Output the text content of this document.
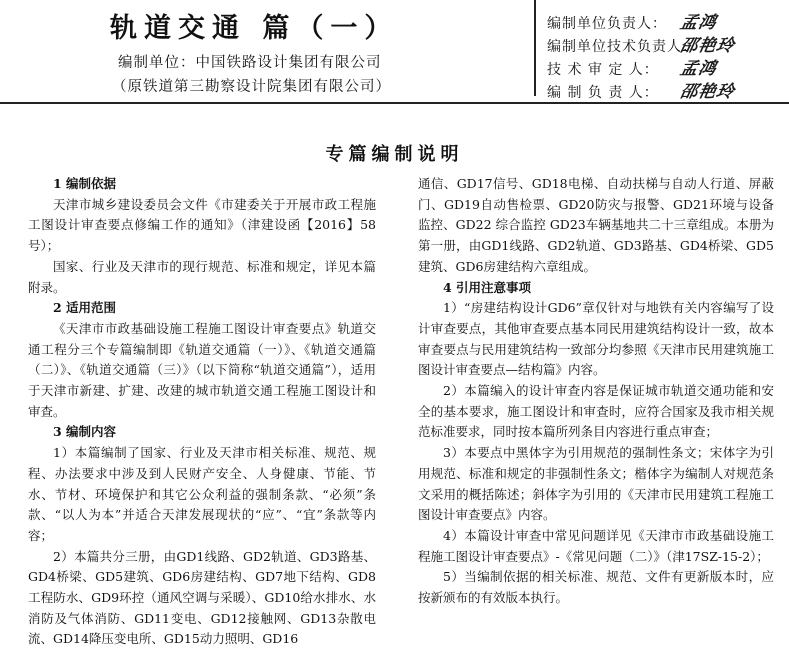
轨道交通 篇（一）
编制单位：中国铁路设计集团有限公司
（原铁道第三勘察设计院集团有限公司）
编制单位负责人： 孟鸿
编制单位技术负责人：邵艳玲
技 术 审 定 人： 孟鸿
编 制 负 责 人： 邵艳玲
专篇编制说明
1 编制依据

天津市城乡建设委员会文件《市建委关于开展市政工程施工图设计审查要点修编工作的通知》（津建设函【2016】58号）；

国家、行业及天津市的现行规范、标准和规定，详见本篇附录。

2 适用范围

《天津市市政基础设施工程施工图设计审查要点》轨道交通工程分三个专篇编制即《轨道交通篇（一）》、《轨道交通篇（二）》、《轨道交通篇（三）》（以下简称“轨道交通篇”），适用于天津市新建、扩建、改建的城市轨道交通工程施工图设计和审查。

3 编制内容

1）本篇编制了国家、行业及天津市相关标准、规范、规程、办法要求中涉及到人民财产安全、人身健康、节能、节水、节材、环境保护和其它公众利益的强制条款、“必须”条款、“以人为本”并适合天津发展现状的“应”、“宜”条款等内容；

2）本篇共分三册，由GD1线路、GD2轨道、GD3路基、GD4桥梁、GD5建筑、GD6房建结构、GD7地下结构、GD8工程防水、GD9环控（通风空调与采暖）、GD10给水排水、水消防及气体消防、GD11变电、GD12接触网、GD13杂散电流、GD14降压变电所、GD15动力照明、GD16

通信、GD17信号、GD18电梯、自动扶梯与自动人行道、屏蔽门、GD19自动售检票、GD20防灾与报警、GD21环境与设备监控、GD22 综合监控 GD23车辆基地共二十三章组成。本册为第一册，由GD1线路、GD2轨道、GD3路基、GD4桥梁、GD5建筑、GD6房建结构六章组成。

4 引用注意事项

1）“房建结构设计GD6”章仅针对与地铁有关内容编写了设计审查要点，其他审查要点基本同民用建筑结构设计一致，故本审查要点与民用建筑结构一致部分均参照《天津市民用建筑施工图设计审查要点—结构篇》内容。

2）本篇编入的设计审查内容是保证城市轨道交通功能和安全的基本要求，施工图设计和审查时，应符合国家及我市相关规范标准要求，同时按本篇所列条目内容进行重点审查；

3）本要点中黑体字为引用规范的强制性条文；宋体字为引用规范、标准和规定的非强制性条文；楷体字为编制人对规范条文采用的概括陈述；斜体字为引用的《天津市民用建筑工程施工图设计审查要点》内容。

4）本篇设计审查中常见问题详见《天津市市政基础设施工程施工图设计审查要点》-《常见问题（二）》（津17SZ-15-2）；

5）当编制依据的相关标准、规范、文件有更新版本时，应按新颁布的有效版本执行。
